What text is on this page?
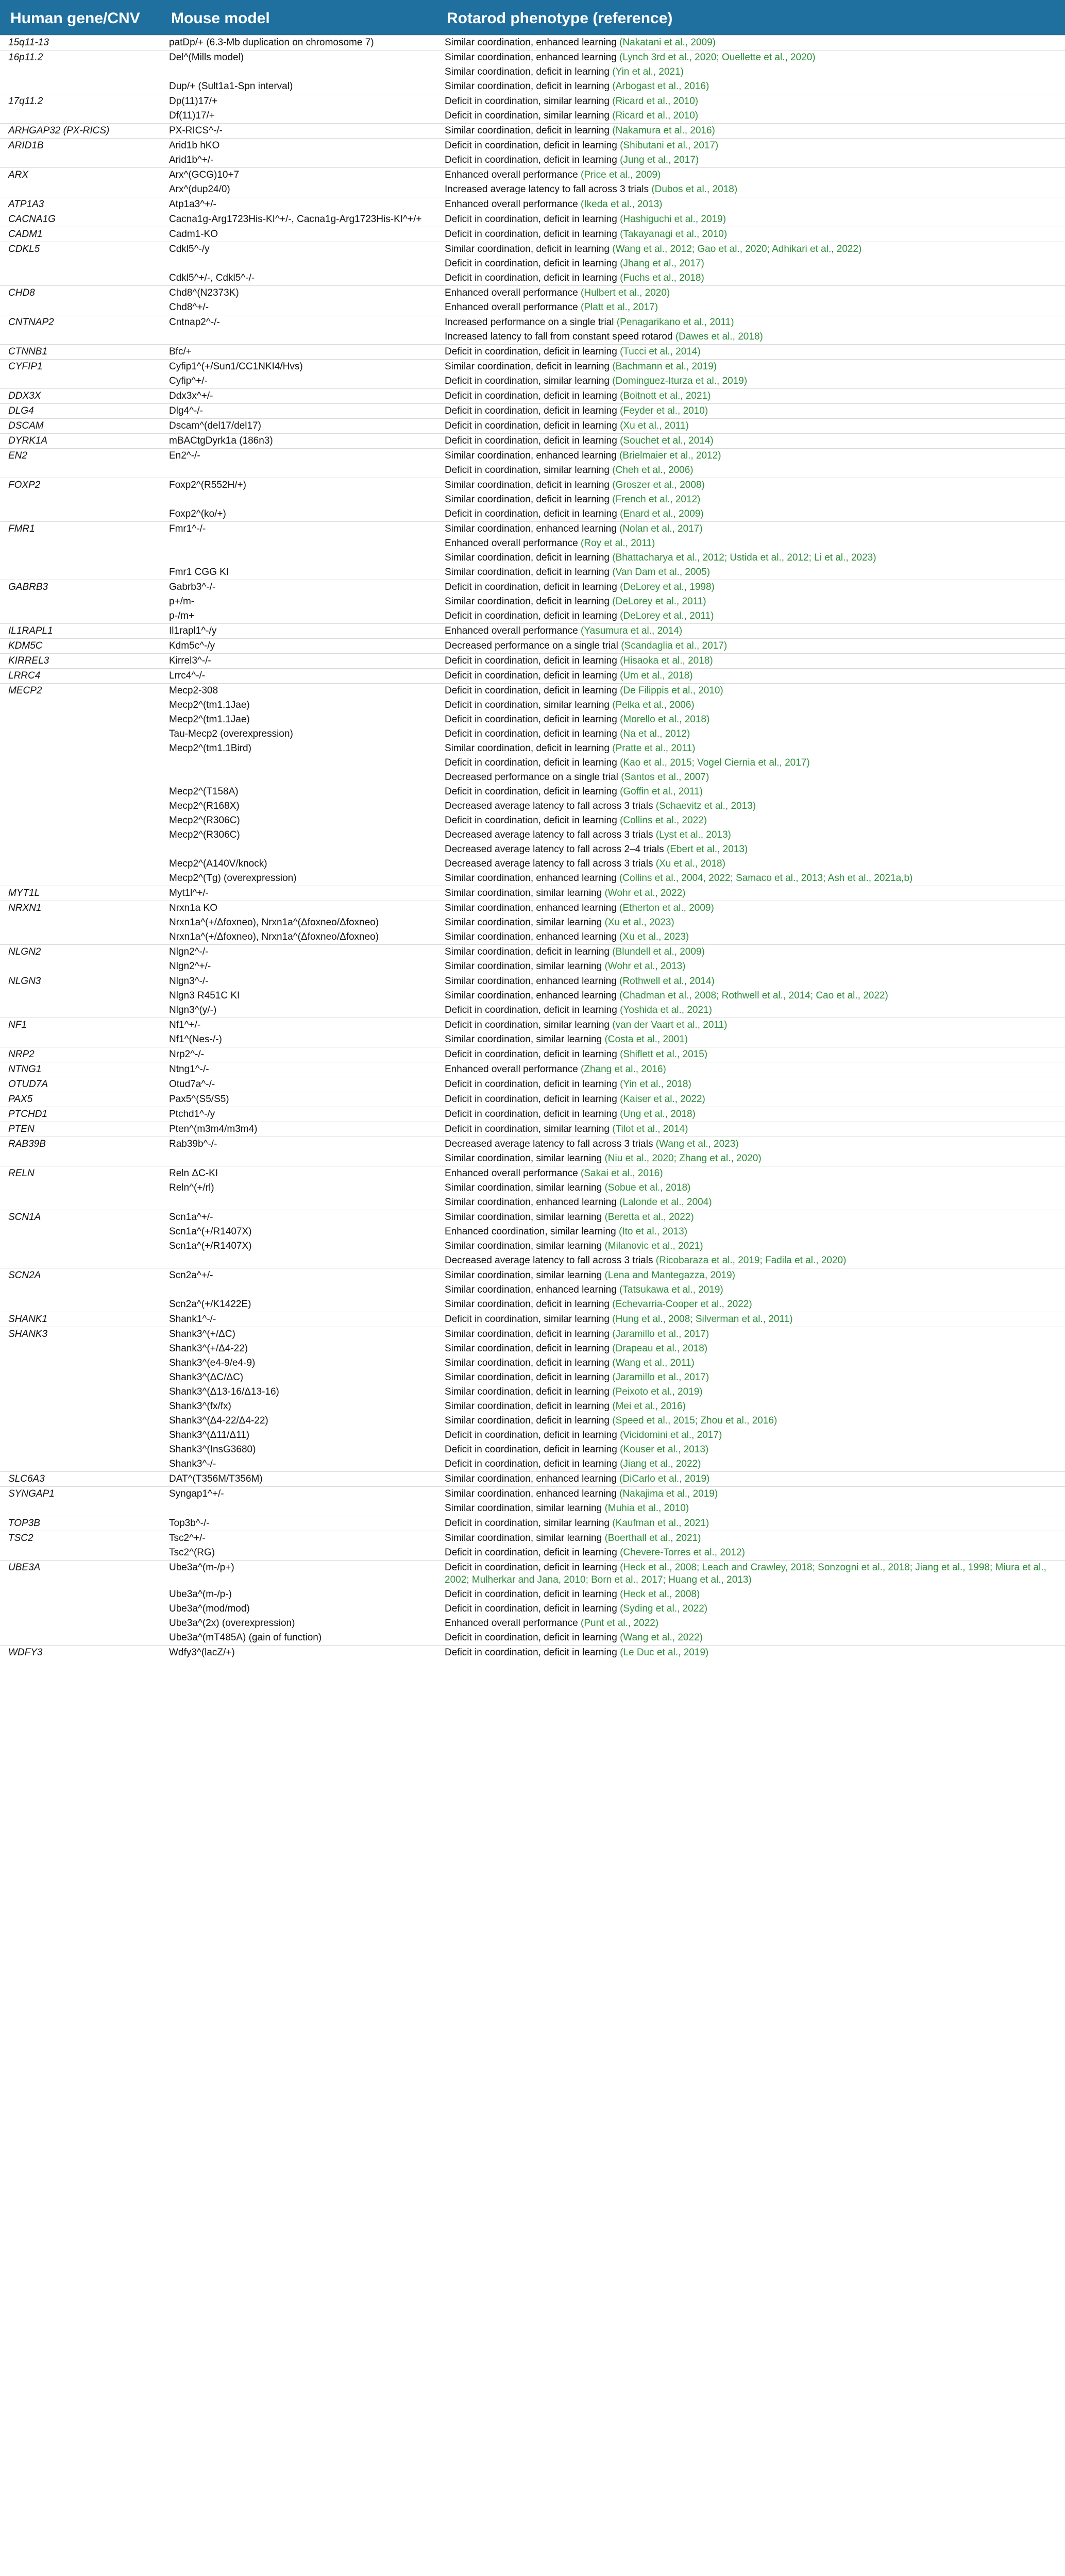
Human gene/CNV	Mouse model	Rotarod phenotype (reference)
15q11-13	patDp/+ (6.3-Mb duplication on chromosome 7)	Similar coordination, enhanced learning (Nakatani et al., 2009)
16p11.2	Del^(Mills model)	Similar coordination, enhanced learning (Lynch 3rd et al., 2020; Ouellette et al., 2020)
		Similar coordination, deficit in learning (Yin et al., 2021)
	Dup/+ (Sult1a1-Spn interval)	Similar coordination, deficit in learning (Arbogast et al., 2016)
17q11.2	Dp(11)17/+	Deficit in coordination, similar learning (Ricard et al., 2010)
	Df(11)17/+	Deficit in coordination, similar learning (Ricard et al., 2010)
ARHGAP32 (PX-RICS)	PX-RICS^-/-	Similar coordination, deficit in learning (Nakamura et al., 2016)
ARID1B	Arid1b hKO	Deficit in coordination, deficit in learning (Shibutani et al., 2017)
	Arid1b^+/-	Deficit in coordination, deficit in learning (Jung et al., 2017)
ARX	Arx^(GCG)10+7	Enhanced overall performance (Price et al., 2009)
	Arx^(dup24/0)	Increased average latency to fall across 3 trials (Dubos et al., 2018)
ATP1A3	Atp1a3^+/-	Enhanced overall performance (Ikeda et al., 2013)
CACNA1G	Cacna1g-Arg1723His-KI^+/-, Cacna1g-Arg1723His-KI^+/+	Deficit in coordination, deficit in learning (Hashiguchi et al., 2019)
CADM1	Cadm1-KO	Deficit in coordination, deficit in learning (Takayanagi et al., 2010)
CDKL5	Cdkl5^-/y	Similar coordination, deficit in learning (Wang et al., 2012; Gao et al., 2020; Adhikari et al., 2022)
		Deficit in coordination, deficit in learning (Jhang et al., 2017)
	Cdkl5^+/-, Cdkl5^-/-	Deficit in coordination, deficit in learning (Fuchs et al., 2018)
CHD8	Chd8^(N2373K)	Enhanced overall performance (Hulbert et al., 2020)
	Chd8^+/-	Enhanced overall performance (Platt et al., 2017)
CNTNAP2	Cntnap2^-/-	Increased performance on a single trial (Penagarikano et al., 2011)
		Increased latency to fall from constant speed rotarod (Dawes et al., 2018)
CTNNB1	Bfc/+	Deficit in coordination, deficit in learning (Tucci et al., 2014)
CYFIP1	Cyfip1^(+/Sun1/CC1NKI4/Hvs)	Similar coordination, deficit in learning (Bachmann et al., 2019)
	Cyfip^+/-	Deficit in coordination, similar learning (Dominguez-Iturza et al., 2019)
DDX3X	Ddx3x^+/-	Deficit in coordination, deficit in learning (Boitnott et al., 2021)
DLG4	Dlg4^-/-	Deficit in coordination, deficit in learning (Feyder et al., 2010)
DSCAM	Dscam^(del17/del17)	Deficit in coordination, deficit in learning (Xu et al., 2011)
DYRK1A	mBACtgDyrk1a (186n3)	Deficit in coordination, deficit in learning (Souchet et al., 2014)
EN2	En2^-/-	Similar coordination, enhanced learning (Brielmaier et al., 2012)
		Deficit in coordination, similar learning (Cheh et al., 2006)
FOXP2	Foxp2^(R552H/+)	Similar coordination, deficit in learning (Groszer et al., 2008)
		Similar coordination, deficit in learning (French et al., 2012)
	Foxp2^(ko/+)	Deficit in coordination, deficit in learning (Enard et al., 2009)
FMR1	Fmr1^-/-	Similar coordination, enhanced learning (Nolan et al., 2017)
		Enhanced overall performance (Roy et al., 2011)
		Similar coordination, deficit in learning (Bhattacharya et al., 2012; Ustida et al., 2012; Li et al., 2023)
	Fmr1 CGG KI	Similar coordination, deficit in learning (Van Dam et al., 2005)
GABRB3	Gabrb3^-/-	Deficit in coordination, deficit in learning (DeLorey et al., 1998)
	p+/m-	Similar coordination, deficit in learning (DeLorey et al., 2011)
	p-/m+	Deficit in coordination, deficit in learning (DeLorey et al., 2011)
IL1RAPL1	Il1rapl1^-/y	Enhanced overall performance (Yasumura et al., 2014)
KDM5C	Kdm5c^-/y	Decreased performance on a single trial (Scandaglia et al., 2017)
KIRREL3	Kirrel3^-/-	Deficit in coordination, deficit in learning (Hisaoka et al., 2018)
LRRC4	Lrrc4^-/-	Deficit in coordination, deficit in learning (Um et al., 2018)
MECP2	Mecp2-308	Deficit in coordination, deficit in learning (De Filippis et al., 2010)
	Mecp2^(tm1.1Jae)	Deficit in coordination, similar learning (Pelka et al., 2006)
	Mecp2^(tm1.1Jae)	Deficit in coordination, deficit in learning (Morello et al., 2018)
	Tau-Mecp2 (overexpression)	Deficit in coordination, deficit in learning (Na et al., 2012)
	Mecp2^(tm1.1Bird)	Similar coordination, deficit in learning (Pratte et al., 2011)
		Deficit in coordination, deficit in learning (Kao et al., 2015; Vogel Ciernia et al., 2017)
		Decreased performance on a single trial (Santos et al., 2007)
	Mecp2^(T158A)	Deficit in coordination, deficit in learning (Goffin et al., 2011)
	Mecp2^(R168X)	Decreased average latency to fall across 3 trials (Schaevitz et al., 2013)
	Mecp2^(R306C)	Deficit in coordination, deficit in learning (Collins et al., 2022)
	Mecp2^(R306C)	Decreased average latency to fall across 3 trials (Lyst et al., 2013)
		Decreased average latency to fall across 2–4 trials (Ebert et al., 2013)
	Mecp2^(A140V/knock)	Decreased average latency to fall across 3 trials (Xu et al., 2018)
	Mecp2^(Tg) (overexpression)	Similar coordination, enhanced learning (Collins et al., 2004, 2022; Samaco et al., 2013; Ash et al., 2021a,b)
MYT1L	Myt1l^+/-	Similar coordination, similar learning (Wohr et al., 2022)
NRXN1	Nrxn1a KO	Similar coordination, enhanced learning (Etherton et al., 2009)
	Nrxn1a^(+/Δfoxneo), Nrxn1a^(Δfoxneo/Δfoxneo)	Similar coordination, similar learning (Xu et al., 2023)
	Nrxn1a^(+/Δfoxneo), Nrxn1a^(Δfoxneo/Δfoxneo)	Similar coordination, enhanced learning (Xu et al., 2023)
NLGN2	Nlgn2^-/-	Similar coordination, deficit in learning (Blundell et al., 2009)
	Nlgn2^+/-	Similar coordination, similar learning (Wohr et al., 2013)
NLGN3	Nlgn3^-/-	Similar coordination, enhanced learning (Rothwell et al., 2014)
	Nlgn3 R451C KI	Similar coordination, enhanced learning (Chadman et al., 2008; Rothwell et al., 2014; Cao et al., 2022)
	Nlgn3^(y/-)	Deficit in coordination, deficit in learning (Yoshida et al., 2021)
NF1	Nf1^+/-	Deficit in coordination, similar learning (van der Vaart et al., 2011)
	Nf1^(Nes-/-)	Similar coordination, similar learning (Costa et al., 2001)
NRP2	Nrp2^-/-	Deficit in coordination, deficit in learning (Shiflett et al., 2015)
NTNG1	Ntng1^-/-	Enhanced overall performance (Zhang et al., 2016)
OTUD7A	Otud7a^-/-	Deficit in coordination, deficit in learning (Yin et al., 2018)
PAX5	Pax5^(S5/S5)	Deficit in coordination, deficit in learning (Kaiser et al., 2022)
PTCHD1	Ptchd1^-/y	Deficit in coordination, deficit in learning (Ung et al., 2018)
PTEN	Pten^(m3m4/m3m4)	Deficit in coordination, similar learning (Tilot et al., 2014)
RAB39B	Rab39b^-/-	Decreased average latency to fall across 3 trials (Wang et al., 2023)
		Similar coordination, similar learning (Niu et al., 2020; Zhang et al., 2020)
RELN	Reln ΔC-KI	Enhanced overall performance (Sakai et al., 2016)
	Reln^(+/rl)	Similar coordination, similar learning (Sobue et al., 2018)
		Similar coordination, enhanced learning (Lalonde et al., 2004)
SCN1A	Scn1a^+/-	Similar coordination, similar learning (Beretta et al., 2022)
	Scn1a^(+/R1407X)	Enhanced coordination, similar learning (Ito et al., 2013)
	Scn1a^(+/R1407X)	Similar coordination, similar learning (Milanovic et al., 2021)
		Decreased average latency to fall across 3 trials (Ricobaraza et al., 2019; Fadila et al., 2020)
SCN2A	Scn2a^+/-	Similar coordination, similar learning (Lena and Mantegazza, 2019)
		Similar coordination, enhanced learning (Tatsukawa et al., 2019)
	Scn2a^(+/K1422E)	Similar coordination, deficit in learning (Echevarria-Cooper et al., 2022)
SHANK1	Shank1^-/-	Deficit in coordination, similar learning (Hung et al., 2008; Silverman et al., 2011)
SHANK3	Shank3^(+/ΔC)	Similar coordination, deficit in learning (Jaramillo et al., 2017)
	Shank3^(+/Δ4-22)	Similar coordination, deficit in learning (Drapeau et al., 2018)
	Shank3^(e4-9/e4-9)	Similar coordination, deficit in learning (Wang et al., 2011)
	Shank3^(ΔC/ΔC)	Similar coordination, deficit in learning (Jaramillo et al., 2017)
	Shank3^(Δ13-16/Δ13-16)	Similar coordination, deficit in learning (Peixoto et al., 2019)
	Shank3^(fx/fx)	Similar coordination, deficit in learning (Mei et al., 2016)
	Shank3^(Δ4-22/Δ4-22)	Similar coordination, deficit in learning (Speed et al., 2015; Zhou et al., 2016)
	Shank3^(Δ11/Δ11)	Deficit in coordination, deficit in learning (Vicidomini et al., 2017)
	Shank3^(InsG3680)	Deficit in coordination, deficit in learning (Kouser et al., 2013)
	Shank3^-/-	Deficit in coordination, deficit in learning (Jiang et al., 2022)
SLC6A3	DAT^(T356M/T356M)	Similar coordination, enhanced learning (DiCarlo et al., 2019)
SYNGAP1	Syngap1^+/-	Similar coordination, enhanced learning (Nakajima et al., 2019)
		Similar coordination, similar learning (Muhia et al., 2010)
TOP3B	Top3b^-/-	Deficit in coordination, similar learning (Kaufman et al., 2021)
TSC2	Tsc2^+/-	Similar coordination, similar learning (Boerthall et al., 2021)
	Tsc2^(RG)	Deficit in coordination, deficit in learning (Chevere-Torres et al., 2012)
UBE3A	Ube3a^(m-/p+)	Deficit in coordination, deficit in learning (Heck et al., 2008; Leach and Crawley, 2018; Sonzogni et al., 2018; Jiang et al., 1998; Miura et al., 2002; Mulherkar and Jana, 2010; Born et al., 2017; Huang et al., 2013)
	Ube3a^(m-/p-)	Deficit in coordination, deficit in learning (Heck et al., 2008)
	Ube3a^(mod/mod)	Deficit in coordination, deficit in learning (Syding et al., 2022)
	Ube3a^(2x) (overexpression)	Enhanced overall performance (Punt et al., 2022)
	Ube3a^(mT485A) (gain of function)	Deficit in coordination, deficit in learning (Wang et al., 2022)
WDFY3	Wdfy3^(lacZ/+)	Deficit in coordination, deficit in learning (Le Duc et al., 2019)
